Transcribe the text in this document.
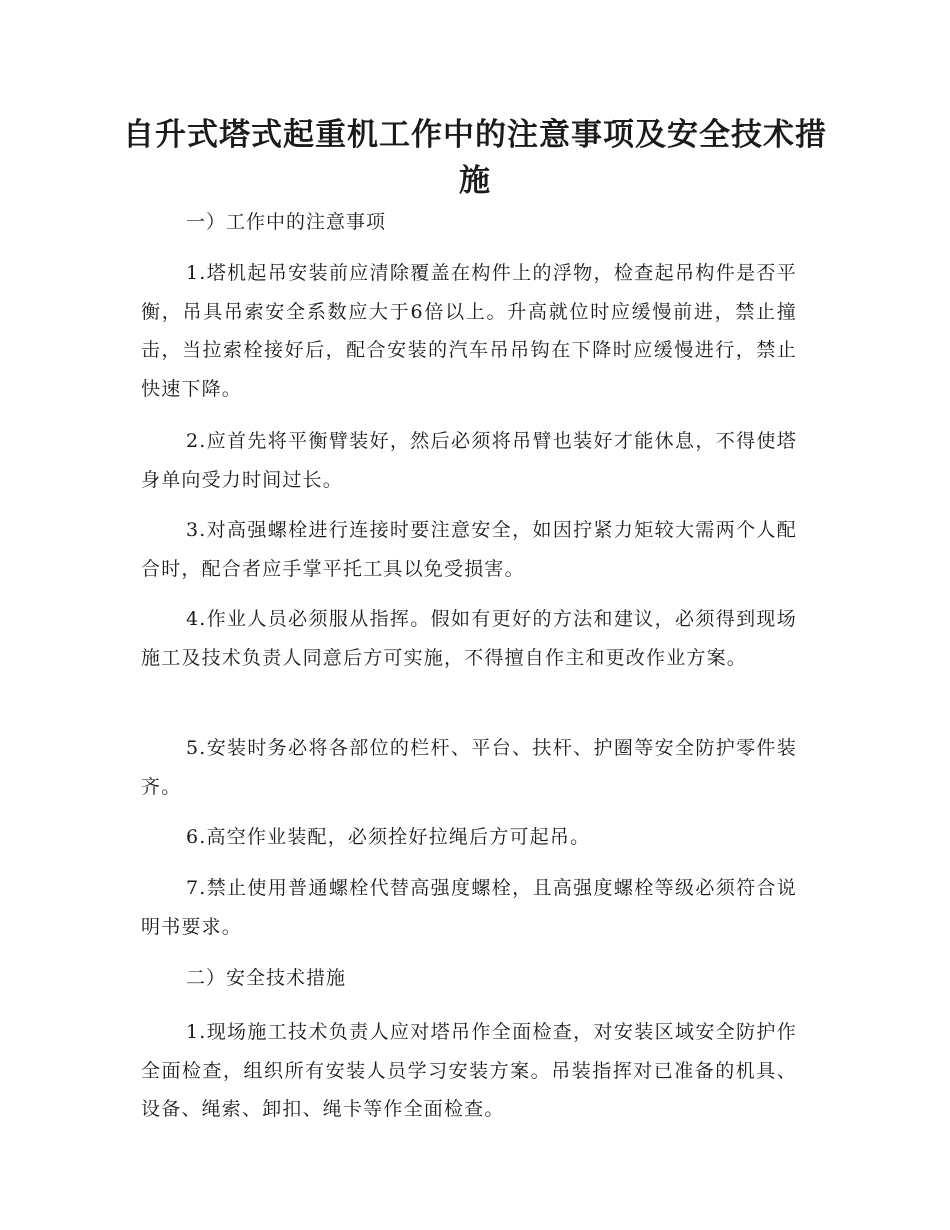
自升式塔式起重机工作中的注意事项及安全技术措施
一）工作中的注意事项
1.塔机起吊安装前应清除覆盖在构件上的浮物，检查起吊构件是否平衡，吊具吊索安全系数应大于6倍以上。升高就位时应缓慢前进，禁止撞击，当拉索栓接好后，配合安装的汽车吊吊钩在下降时应缓慢进行，禁止快速下降。
2.应首先将平衡臂装好，然后必须将吊臂也装好才能休息，不得使塔身单向受力时间过长。
3.对高强螺栓进行连接时要注意安全，如因拧紧力矩较大需两个人配合时，配合者应手掌平托工具以免受损害。
4.作业人员必须服从指挥。假如有更好的方法和建议，必须得到现场施工及技术负责人同意后方可实施，不得擅自作主和更改作业方案。
5.安装时务必将各部位的栏杆、平台、扶杆、护圈等安全防护零件装齐。
6.高空作业装配，必须拴好拉绳后方可起吊。
7.禁止使用普通螺栓代替高强度螺栓，且高强度螺栓等级必须符合说明书要求。
二）安全技术措施
1.现场施工技术负责人应对塔吊作全面检查，对安装区域安全防护作全面检查，组织所有安装人员学习安装方案。吊装指挥对已准备的机具、设备、绳索、卸扣、绳卡等作全面检查。
